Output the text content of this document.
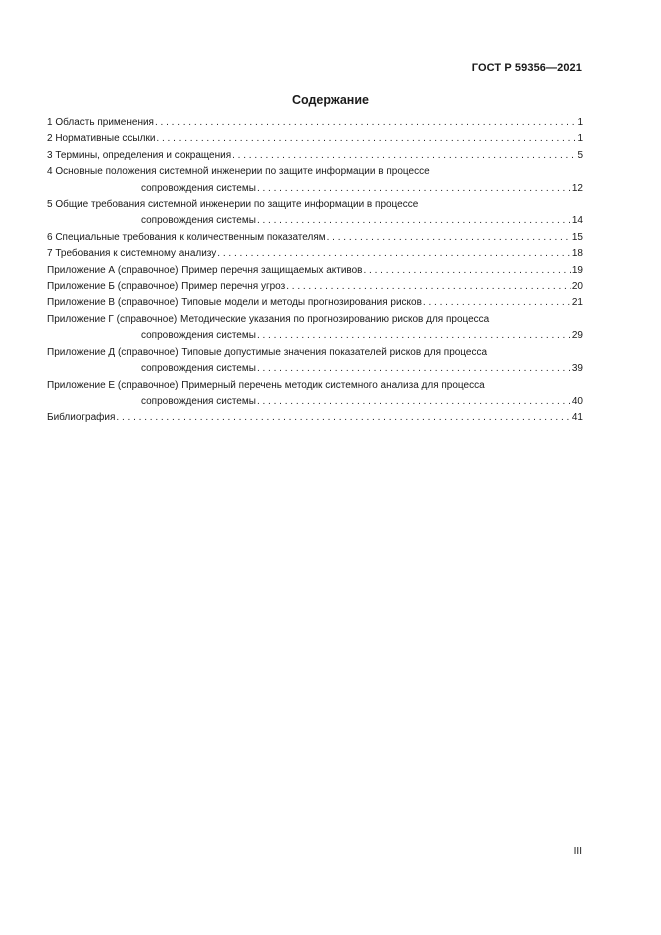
ГОСТ Р 59356—2021
Содержание
1 Область применения . . .	1
2 Нормативные ссылки . . .	1
3 Термины, определения и сокращения . . .	5
4 Основные положения системной инженерии по защите информации в процессе
сопровождения системы . . .	12
5 Общие требования системной инженерии по защите информации в процессе
сопровождения системы . . .	14
6 Специальные требования к количественным показателям . . .	15
7 Требования к системному анализу . . .	18
Приложение А (справочное) Пример перечня защищаемых активов . . .	19
Приложение Б (справочное) Пример перечня угроз . . .	20
Приложение В (справочное) Типовые модели и методы прогнозирования рисков . . .	21
Приложение Г (справочное) Методические указания по прогнозированию рисков для процесса
сопровождения системы . . .	29
Приложение Д (справочное) Типовые допустимые значения показателей рисков для процесса
сопровождения системы . . .	39
Приложение Е (справочное) Примерный перечень методик системного анализа для процесса
сопровождения системы . . .	40
Библиография . . .	41
III
